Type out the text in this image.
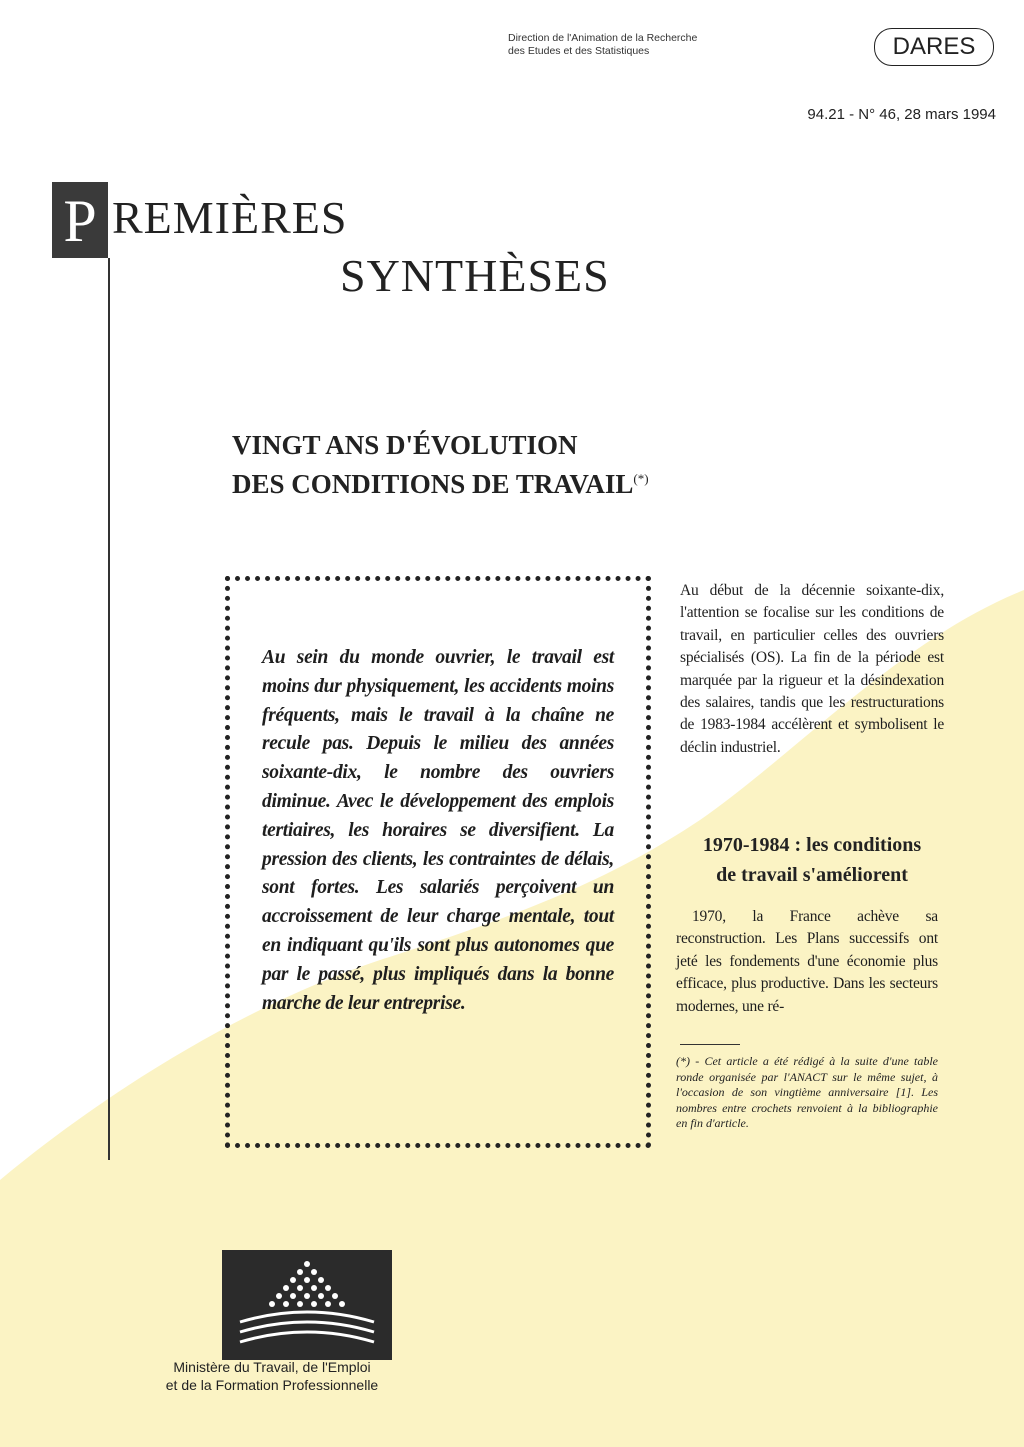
Direction de l'Animation de la Recherche
des Etudes et des Statistiques	DARES
94.21 - N° 46, 28 mars 1994
P REMIÈRES
SYNTHÈSES
VINGT ANS D'ÉVOLUTION
DES CONDITIONS DE TRAVAIL(*)
Au sein du monde ouvrier, le travail est moins dur physiquement, les accidents moins fréquents, mais le travail à la chaîne ne recule pas. Depuis le milieu des années soixante-dix, le nombre des ouvriers diminue. Avec le développement des emplois tertiaires, les horaires se diversifient. La pression des clients, les contraintes de délais, sont fortes. Les salariés perçoivent un accroissement de leur charge mentale, tout en indiquant qu'ils sont plus autonomes que par le passé, plus impliqués dans la bonne marche de leur entreprise.
Au début de la décennie soixante-dix, l'attention se focalise sur les conditions de travail, en particulier celles des ouvriers spécialisés (OS). La fin de la période est marquée par la rigueur et la désindexation des salaires, tandis que les restructurations de 1983-1984 accélèrent et symbolisent le déclin industriel.
1970-1984 : les conditions
de travail s'améliorent
1970, la France achève sa reconstruction. Les Plans successifs ont jeté les fondements d'une économie plus efficace, plus productive. Dans les secteurs modernes, une ré-
(*) - Cet article a été rédigé à la suite d'une table ronde organisée par l'ANACT sur le même sujet, à l'occasion de son vingtième anniversaire [1]. Les nombres entre crochets renvoient à la bibliographie en fin d'article.
Ministère du Travail, de l'Emploi
et de la Formation Professionnelle
